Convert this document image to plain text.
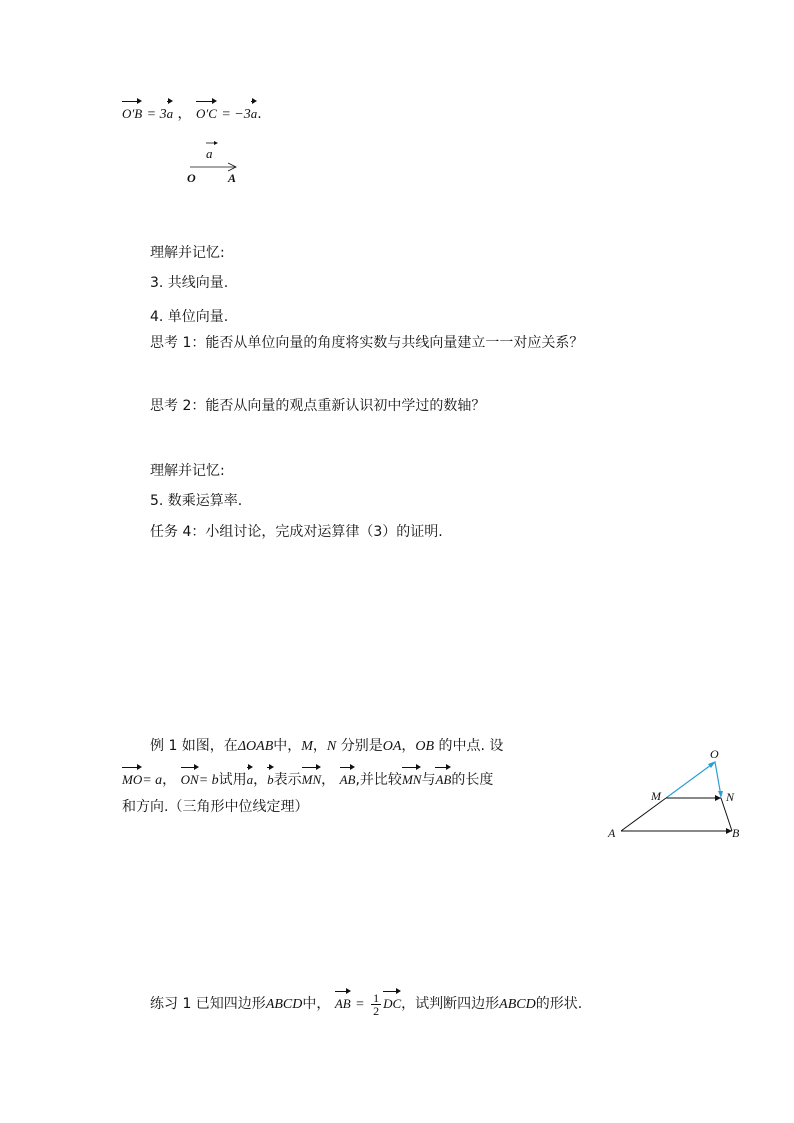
O′B = 3a ， O′C = −3a.
a
O	A
理解并记忆:
3. 共线向量.
4. 单位向量.
思考 1：能否从单位向量的角度将实数与共线向量建立一一对应关系？
思考 2：能否从向量的观点重新认识初中学过的数轴？
理解并记忆:
5. 数乘运算率.
任务 4：小组讨论，完成对运算律（3）的证明.
例 1 如图，在ΔOAB中，M，N 分别是OA，OB 的中点. 设
MO= a， ON= b试用a，b表示MN， AB,并比较MN与AB的长度
和方向.（三角形中位线定理）
O
M	N
A	B
练习 1 已知四边形ABCD中， AB = $\frac{1}{2}$ DC，试判断四边形ABCD的形状.
